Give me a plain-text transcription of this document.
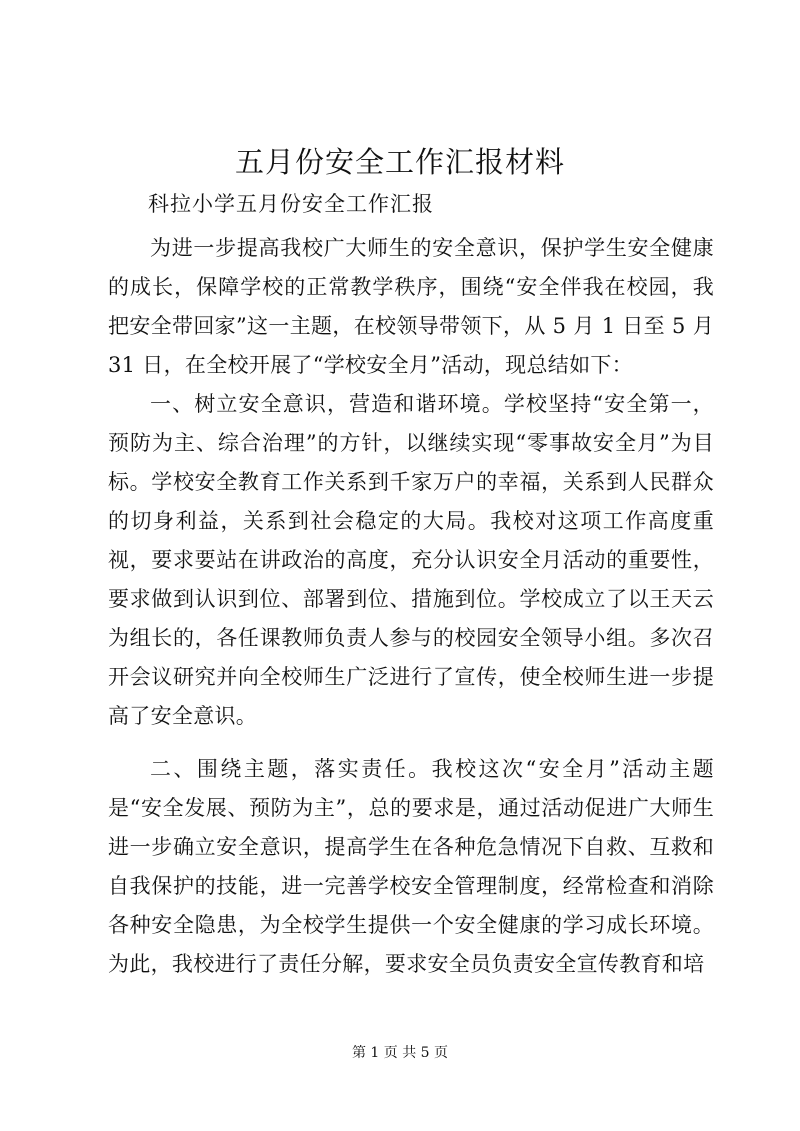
五月份安全工作汇报材料

科拉小学五月份安全工作汇报

为进一步提高我校广大师生的安全意识，保护学生安全健康的成长，保障学校的正常教学秩序，围绕“安全伴我在校园，我把安全带回家”这一主题，在校领导带领下，从 5 月 1 日至 5 月 31 日，在全校开展了“学校安全月”活动，现总结如下：

一、树立安全意识，营造和谐环境。学校坚持“安全第一，预防为主、综合治理”的方针，以继续实现“零事故安全月”为目标。学校安全教育工作关系到千家万户的幸福，关系到人民群众的切身利益，关系到社会稳定的大局。我校对这项工作高度重视，要求要站在讲政治的高度，充分认识安全月活动的重要性，要求做到认识到位、部署到位、措施到位。学校成立了以王天云为组长的，各任课教师负责人参与的校园安全领导小组。多次召开会议研究并向全校师生广泛进行了宣传，使全校师生进一步提高了安全意识。

二、围绕主题，落实责任。我校这次“安全月”活动主题是“安全发展、预防为主”，总的要求是，通过活动促进广大师生进一步确立安全意识，提高学生在各种危急情况下自救、互救和自我保护的技能，进一完善学校安全管理制度，经常检查和消除各种安全隐患，为全校学生提供一个安全健康的学习成长环境。为此，我校进行了责任分解，要求安全员负责安全宣传教育和培

第 1 页 共 5 页
